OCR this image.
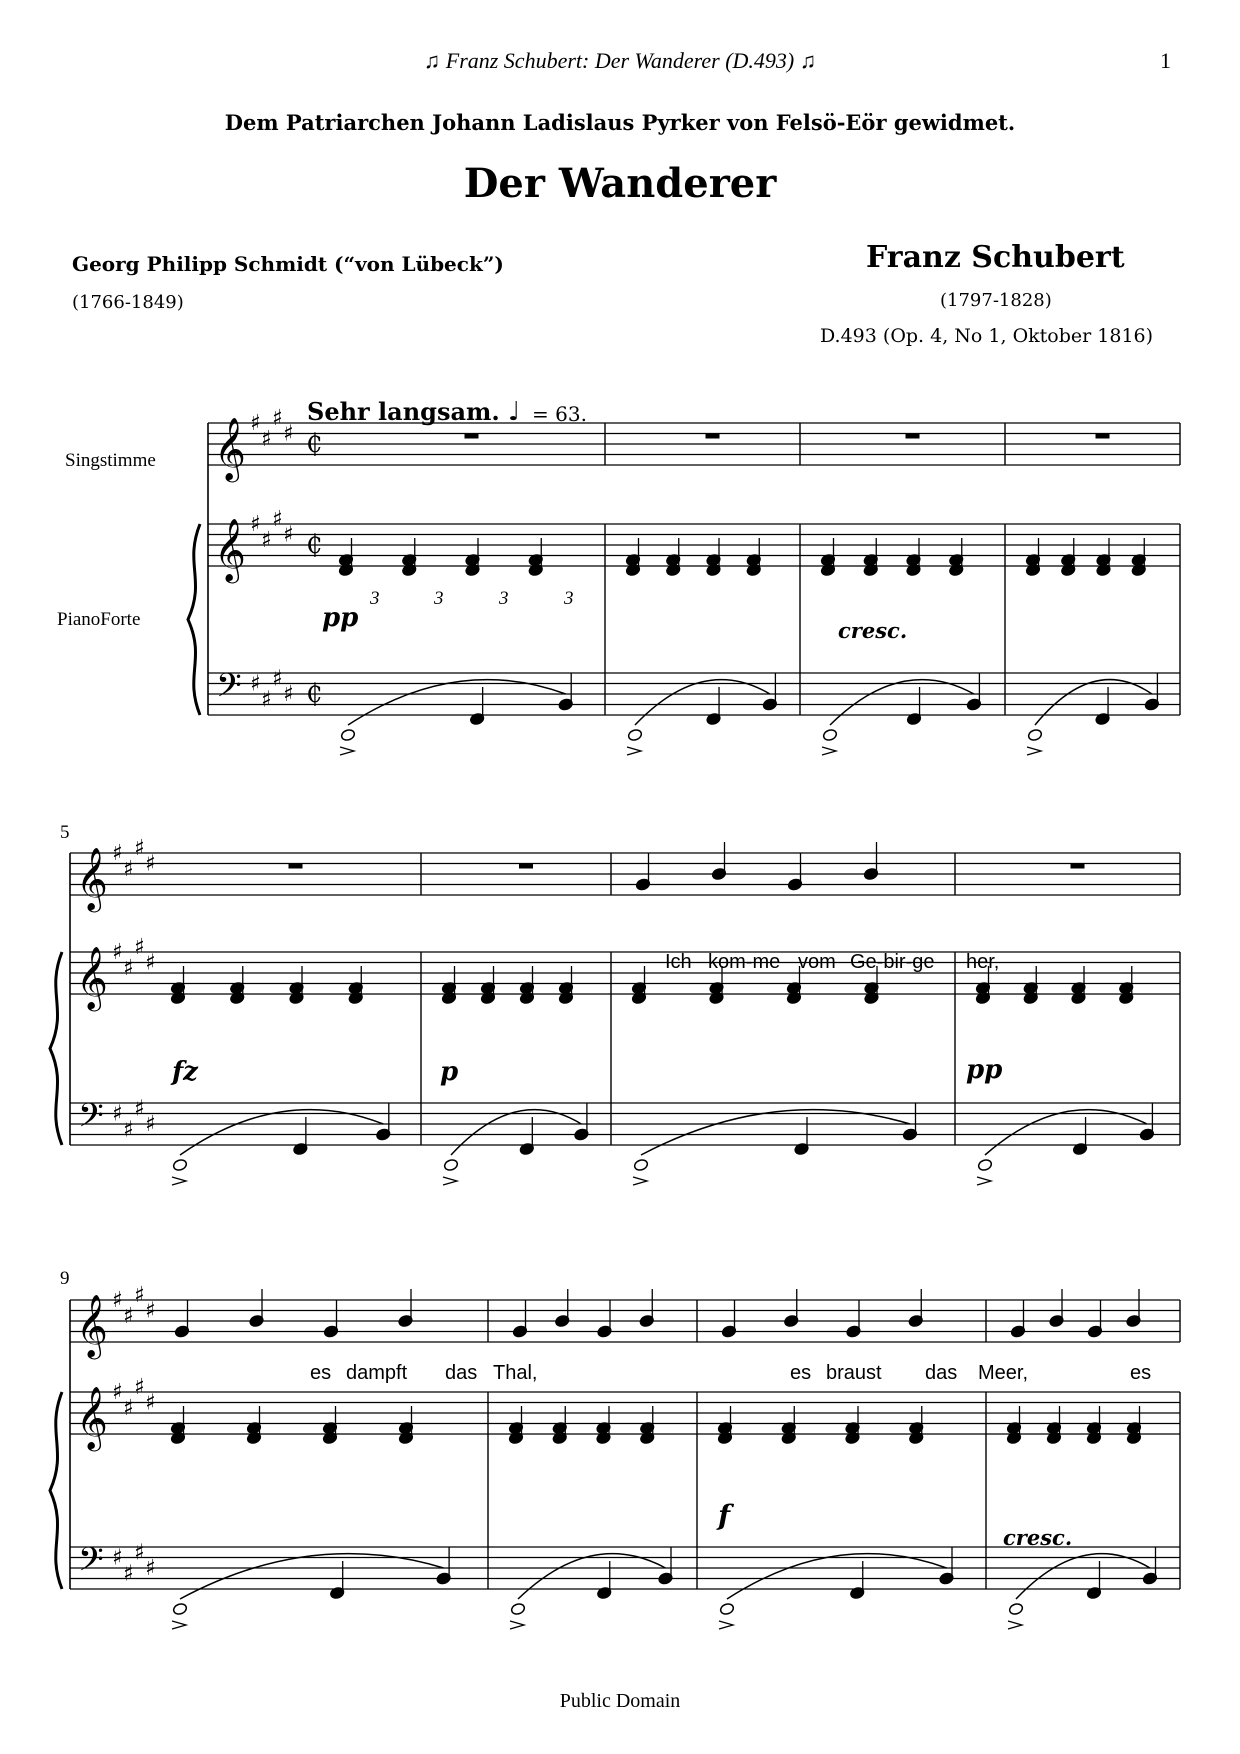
♫ Franz Schubert: Der Wanderer (D.493) ♫	1
Dem Patriarchen Johann Ladislaus Pyrker von Felsö-Eör gewidmet.
Der Wanderer
Georg Philipp Schmidt (“von Lübeck”)
(1766-1849)
Franz Schubert
(1797-1828)
D.493 (Op. 4, No 1, Oktober 1816)
Sehr langsam. ♩ = 63.
𝄞
𝄞
𝄢
♯
♯
♯
♯
♯
♯
♯
♯
♯
♯
♯
♯
₵
₵
₵
𝄞
𝄞
𝄢
♯
♯
♯
♯
♯
♯
♯
♯
♯
♯
♯
♯
𝄞
𝄞
𝄢
♯
♯
♯
♯
♯
♯
♯
♯
♯
♯
♯
♯
Singstimme
PianoForte
5
9
3	3	3	3
pp	cresc.
fz	p	pp
f
cresc.
Ich kom-me vom Ge-bir-ge her,
es dampft das Thal,	es braust das Meer,	es
Public Domain
